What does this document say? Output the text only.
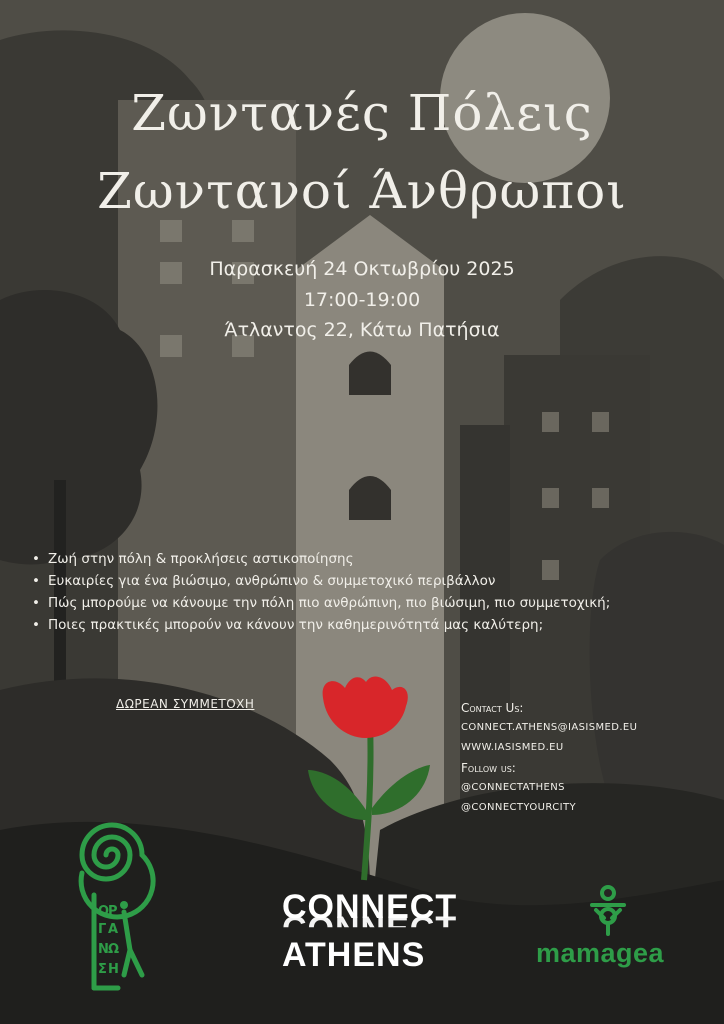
Ζωντανές Πόλεις
Ζωντανοί Άνθρωποι
Παρασκευή 24 Οκτωβρίου 2025
17:00-19:00
Άτλαντος 22, Κάτω Πατήσια
• Ζωή στην πόλη & προκλήσεις αστικοποίησης
• Ευκαιρίες για ένα βιώσιμο, ανθρώπινο & συμμετοχικό περιβάλλον
• Πώς μπορούμε να κάνουμε την πόλη πιο ανθρώπινη, πιο βιώσιμη, πιο συμμετοχική;
• Ποιες πρακτικές μπορούν να κάνουν την καθημερινότητά μας καλύτερη;
ΔΩΡΕΑΝ ΣΥΜΜΕΤΟΧΗ	Contact Us:
CONNECT.ATHENS@IASISMED.EU
WWW.IASISMED.EU
Follow us:
@CONNECTATHENS
@CONNECTYOURCITY
Ο
Ρ
Γ Α
Ν Ω
Σ Η
CONNECT
ATHENS	mamagea
